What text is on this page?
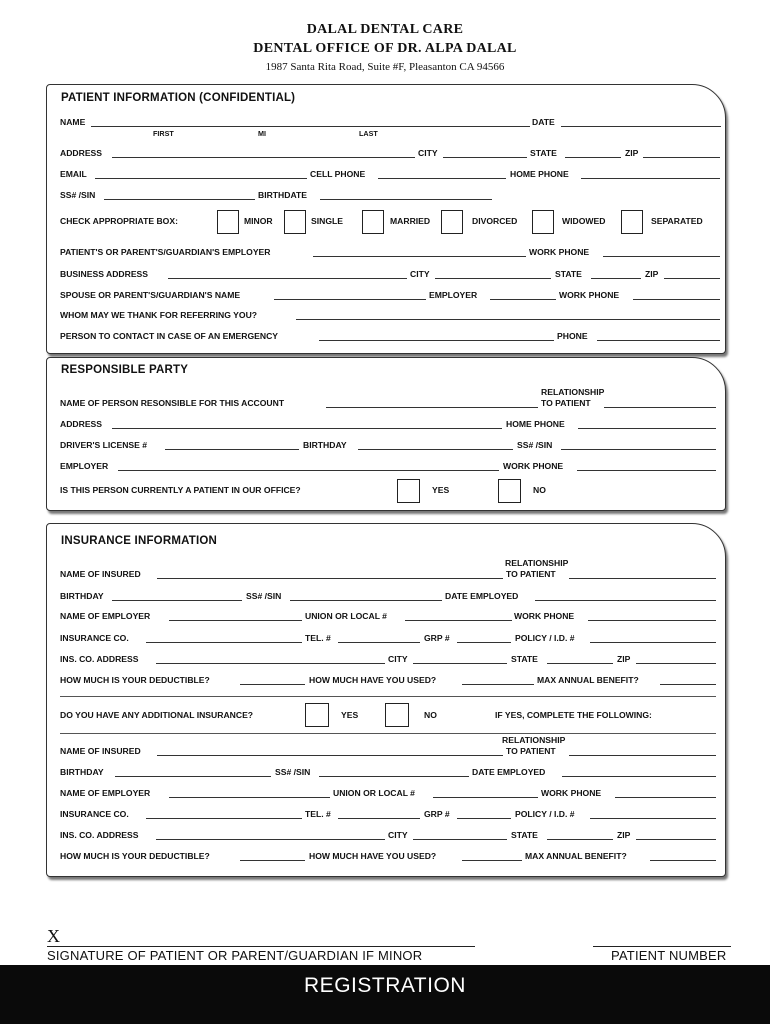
DALAL DENTAL CARE
DENTAL OFFICE OF DR. ALPA DALAL
1987 Santa Rita Road, Suite #F, Pleasanton CA 94566
PATIENT INFORMATION (CONFIDENTIAL)
NAME	DATE
FIRST	MI	LAST
ADDRESS	CITY	STATE	ZIP
EMAIL	CELL PHONE	HOME PHONE
SS# /SIN	BIRTHDATE
CHECK APPROPRIATE BOX:	MINOR	SINGLE	MARRIED	DIVORCED	WIDOWED	SEPARATED
PATIENT'S OR PARENT'S/GUARDIAN'S EMPLOYER	WORK PHONE
BUSINESS ADDRESS	CITY	STATE	ZIP
SPOUSE OR PARENT'S/GUARDIAN'S NAME	EMPLOYER	WORK PHONE
WHOM MAY WE THANK FOR REFERRING YOU?
PERSON TO CONTACT IN CASE OF AN EMERGENCY	PHONE
RESPONSIBLE PARTY
RELATIONSHIP
NAME OF PERSON RESONSIBLE FOR THIS ACCOUNT	TO PATIENT
ADDRESS	HOME PHONE
DRIVER'S LICENSE #	BIRTHDAY	SS# /SIN
EMPLOYER	WORK PHONE
IS THIS PERSON CURRENTLY A PATIENT IN OUR OFFICE?	YES	NO
INSURANCE INFORMATION
RELATIONSHIP
NAME OF INSURED	TO PATIENT
BIRTHDAY	SS# /SIN	DATE EMPLOYED
NAME OF EMPLOYER	UNION OR LOCAL #	WORK PHONE
INSURANCE CO.	TEL. #	GRP #	POLICY / I.D. #
INS. CO. ADDRESS	CITY	STATE	ZIP
HOW MUCH IS YOUR DEDUCTIBLE?	HOW MUCH HAVE YOU USED?	MAX ANNUAL BENEFIT?
DO YOU HAVE ANY ADDITIONAL INSURANCE?	IF YES, COMPLETE THE FOLLOWING:
YES	NO
RELATIONSHIP
NAME OF INSURED	TO PATIENT
BIRTHDAY	SS# /SIN	DATE EMPLOYED
NAME OF EMPLOYER	UNION OR LOCAL #	WORK PHONE
INSURANCE CO.	TEL. #	GRP #	POLICY / I.D. #
INS. CO. ADDRESS	CITY	STATE	ZIP
HOW MUCH IS YOUR DEDUCTIBLE?	HOW MUCH HAVE YOU USED?	MAX ANNUAL BENEFIT?
X
SIGNATURE OF PATIENT OR PARENT/GUARDIAN IF MINOR	PATIENT NUMBER
REGISTRATION
